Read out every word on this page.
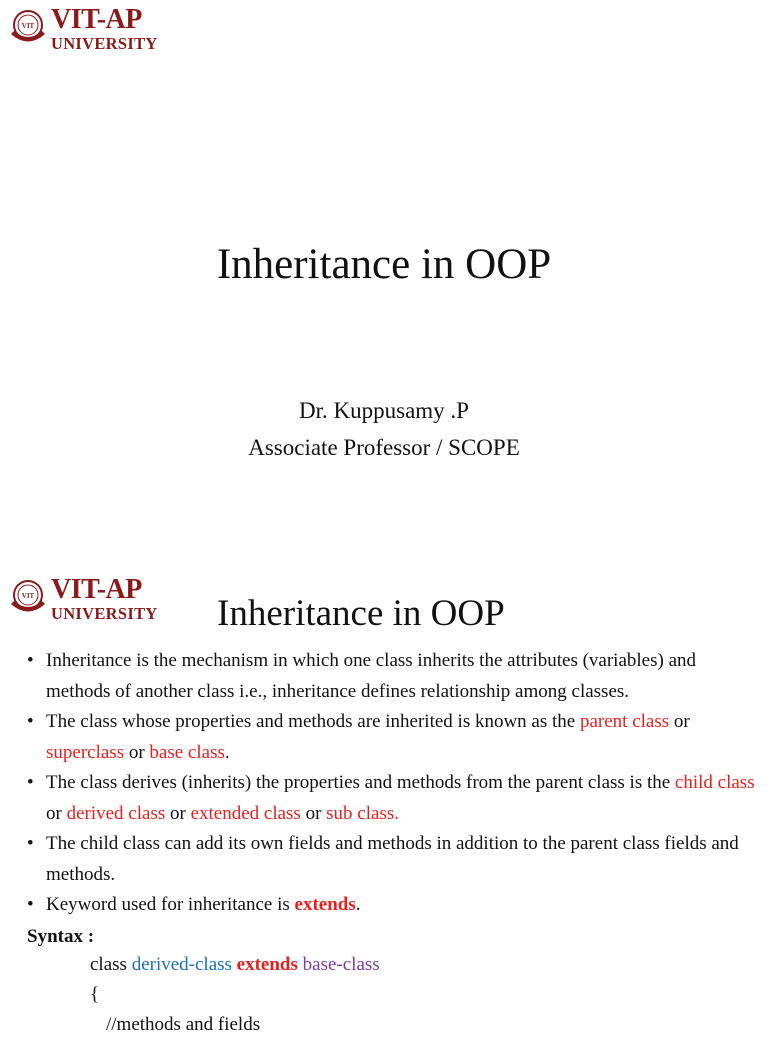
VIT VIT-AP
UNIVERSITY
Inheritance in OOP

Dr. Kuppusamy .P

Associate Professor / SCOPE

VIT VIT-AP
UNIVERSITY Inheritance in OOP
• Inheritance is the mechanism in which one class inherits the attributes (variables) and methods of another class i.e., inheritance defines relationship among classes.
• The class whose properties and methods are inherited is known as the parent class or superclass or base class.
• The class derives (inherits) the properties and methods from the parent class is the child class or derived class or extended class or sub class.
• The child class can add its own fields and methods in addition to the parent class fields and methods.
• Keyword used for inheritance is extends.

Syntax :

class derived-class extends base-class

{

//methods and fields
